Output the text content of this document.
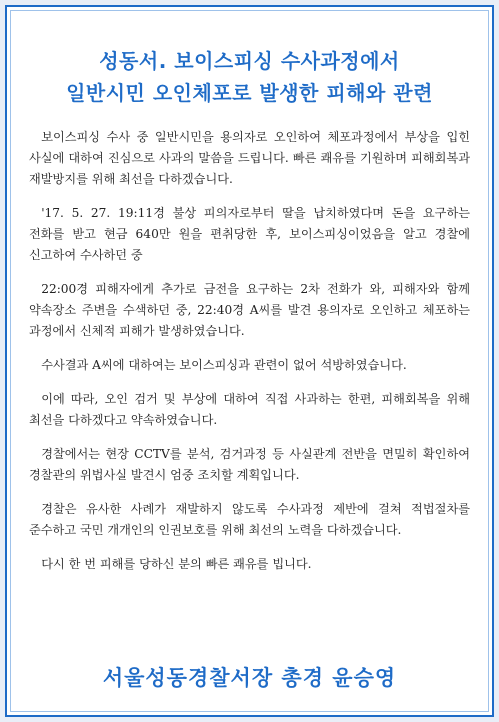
성동서. 보이스피싱 수사과정에서
일반시민 오인체포로 발생한 피해와 관련

보이스피싱 수사 중 일반시민을 용의자로 오인하여 체포과정에서 부상을 입힌 사실에 대하여 진심으로 사과의 말씀을 드립니다. 빠른 쾌유를 기원하며 피해회복과 재발방지를 위해 최선을 다하겠습니다.

'17. 5. 27. 19:11경 불상 피의자로부터 딸을 납치하였다며 돈을 요구하는 전화를 받고 현금 640만 원을 편취당한 후, 보이스피싱이었음을 알고 경찰에 신고하여 수사하던 중

22:00경 피해자에게 추가로 금전을 요구하는 2차 전화가 와, 피해자와 함께 약속장소 주변을 수색하던 중, 22:40경 A씨를 발견 용의자로 오인하고 체포하는 과정에서 신체적 피해가 발생하였습니다.

수사결과 A씨에 대하여는 보이스피싱과 관련이 없어 석방하였습니다.

이에 따라, 오인 검거 및 부상에 대하여 직접 사과하는 한편, 피해회복을 위해 최선을 다하겠다고 약속하였습니다.

경찰에서는 현장 CCTV를 분석, 검거과정 등 사실관계 전반을 면밀히 확인하여 경찰관의 위법사실 발견시 엄중 조치할 계획입니다.

경찰은 유사한 사례가 재발하지 않도록 수사과정 제반에 걸쳐 적법절차를 준수하고 국민 개개인의 인권보호를 위해 최선의 노력을 다하겠습니다.

다시 한 번 피해를 당하신 분의 빠른 쾌유를 빕니다.

서울성동경찰서장 총경 윤승영
